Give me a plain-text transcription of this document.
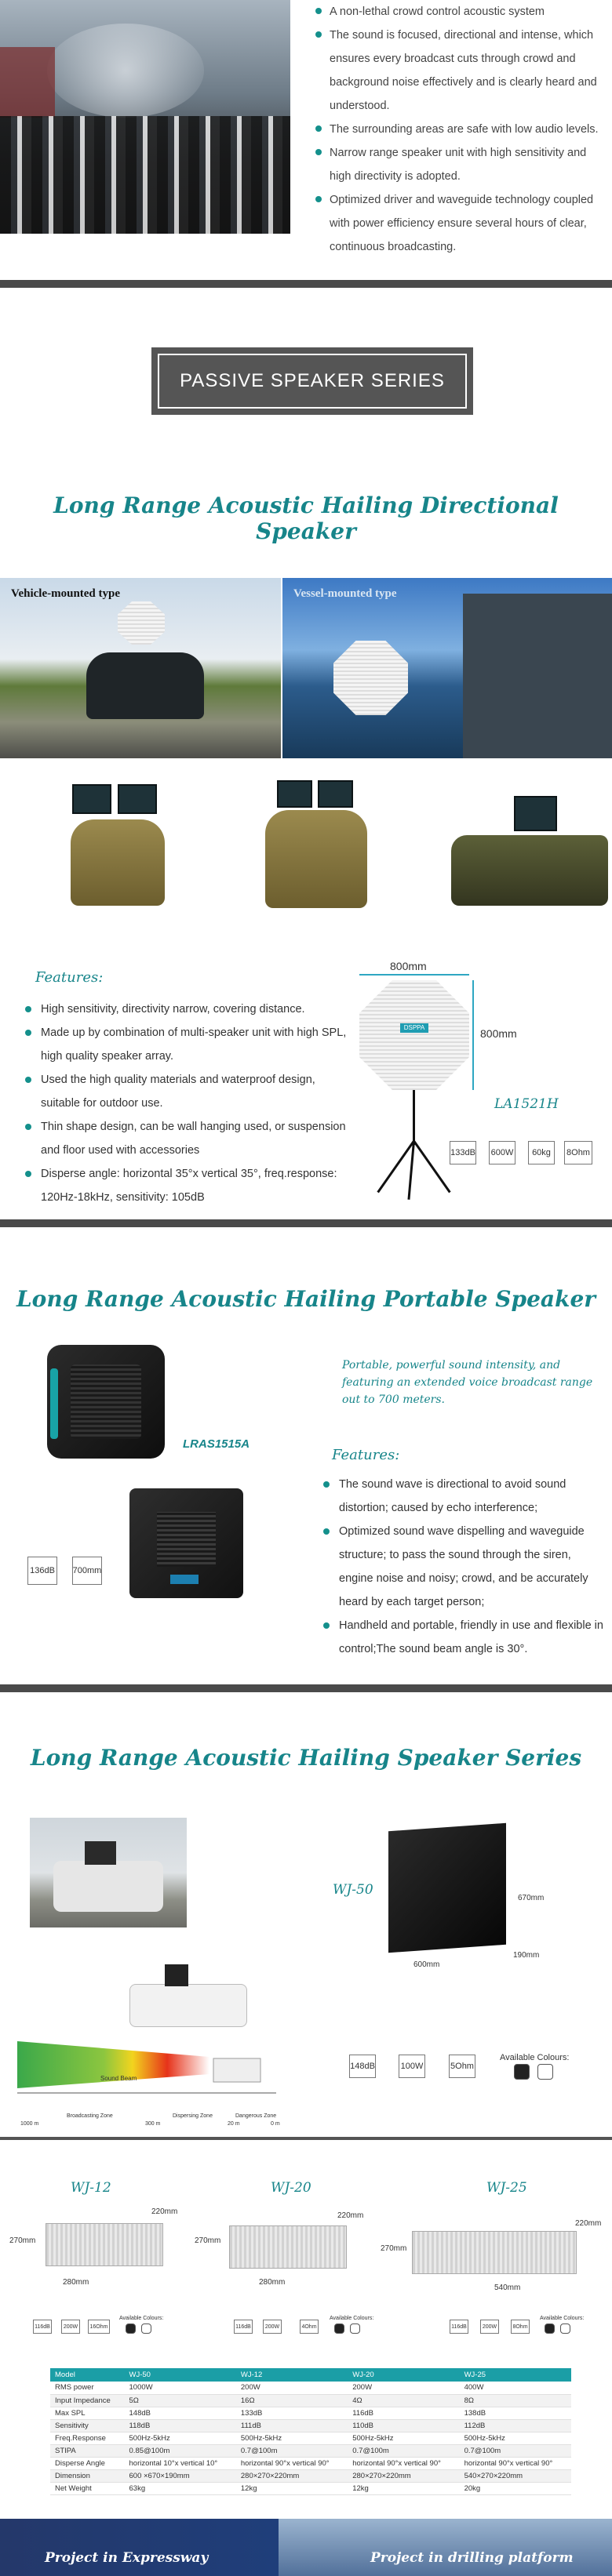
A non-lethal crowd control acoustic system
The sound is focused, directional and intense, which ensures every broadcast cuts through crowd and background noise effectively and is clearly heard and understood.
The surrounding areas are safe with low audio levels.
Narrow range speaker unit with high sensitivity and high directivity is adopted.
Optimized driver and waveguide technology coupled with power efficiency ensure several hours of clear, continuous broadcasting.
PASSIVE SPEAKER SERIES
Long Range Acoustic Hailing Directional Speaker
Vehicle-mounted type	Vessel-mounted type
Features:
High sensitivity, directivity narrow, covering distance.
Made up by combination of multi-speaker unit with high SPL, high quality speaker array.
Used the high quality materials and waterproof design, suitable for outdoor use.
Thin shape design, can be wall hanging used, or suspension and floor used with accessories
Disperse angle: horizontal 35°x vertical 35°, freq.response: 120Hz-18kHz, sensitivity: 105dB
800mm
DSPPA	800mm
LA1521H
133dB 600W	60kg	8Ohm
Long Range Acoustic Hailing Portable Speaker
LRAS1515A
Portable, powerful sound intensity, and featuring an extended voice broadcast range out to 700 meters.
Features:
The sound wave is directional to avoid sound distortion; caused by echo interference;
Optimized sound wave dispelling and waveguide structure; to pass the sound through the siren, engine noise and noisy; crowd, and be accurately heard by each target person;
Handheld and portable, friendly in use and flexible in control;The sound beam angle is 30°.
136dB 700mm
Long Range Acoustic Hailing Speaker Series
WJ-50
670mm
600mm
190mm
Sound Beam
Broadcasting Zone	Dispersing Zone	Dangerous Zone
1000 m	300 m	20 m	0 m
148dB	100W	5Ohm
Available Colours:
WJ-12
220mm
270mm
280mm
WJ-20
220mm
270mm
280mm
WJ-25
220mm
270mm
540mm
116dB	200W	16Ohm
Available Colours:
116dB	200W	4Ohm
Available Colours:
116dB	200W	8Ohm
Available Colours:
Model	WJ-50	WJ-12	WJ-20	WJ-25
RMS power	1000W	200W	200W	400W
Input Impedance	5Ω	16Ω	4Ω	8Ω
Max SPL	148dB	133dB	116dB	138dB
Sensitivity	118dB	111dB	110dB	112dB
Freq.Response	500Hz-5kHz	500Hz-5kHz	500Hz-5kHz	500Hz-5kHz
STIPA	0.85@100m	0.7@100m	0.7@100m	0.7@100m
Disperse Angle	horizontal 10°x vertical 10°	horizontal 90°x vertical 90°	horizontal 90°x vertical 90°	horizontal 90°x vertical 90°
Dimension	600 ×670×190mm	280×270×220mm	280×270×220mm	540×270×220mm
Net Weight	63kg	12kg	12kg	20kg
Project in Expressway	Project in drilling platform
